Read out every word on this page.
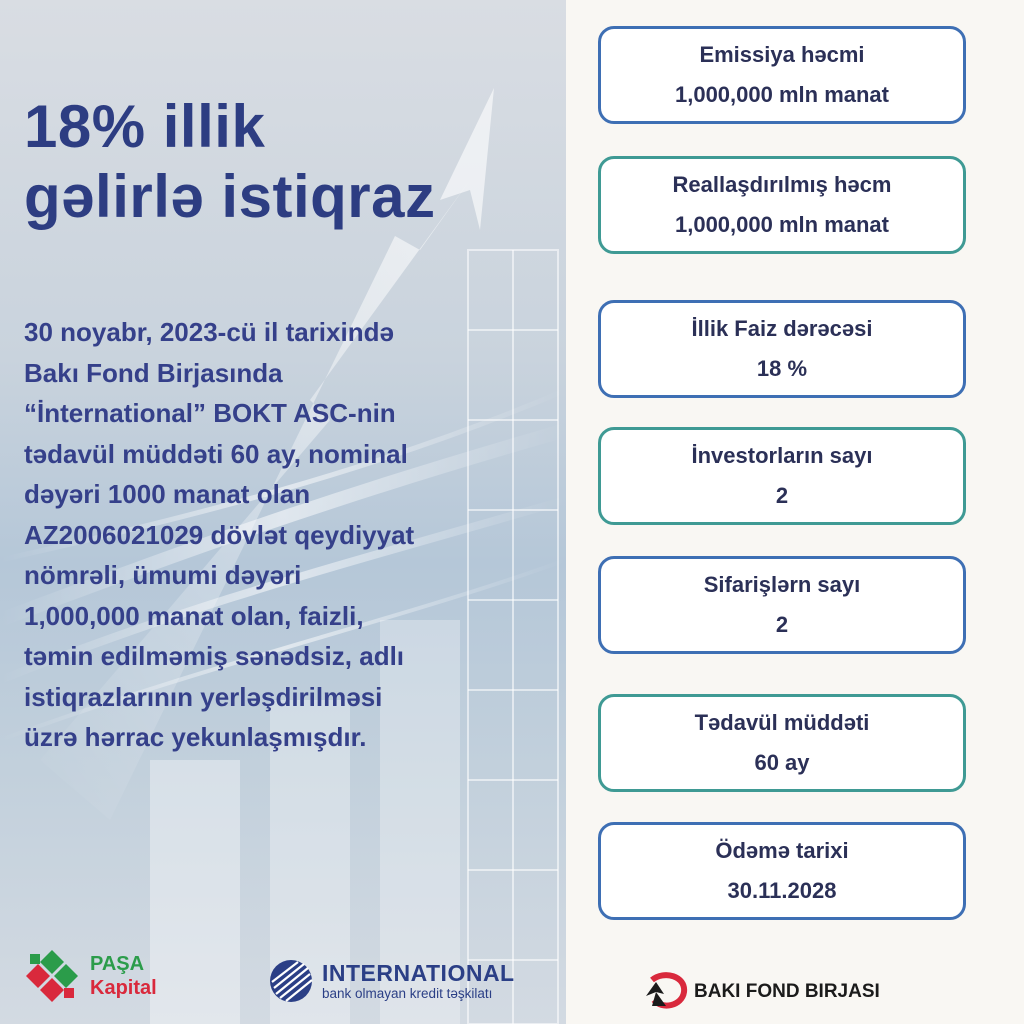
18% illik
gəlirlə istiqraz

30 noyabr, 2023-cü il tarixində
Bakı Fond Birjasında
“İnternational” BOKT ASC-nin
tədavül müddəti 60 ay, nominal
dəyəri 1000 manat olan
AZ2006021029 dövlət qeydiyyat
nömrəli, ümumi dəyəri
1,000,000 manat olan, faizli,
təmin edilməmiş sənədsiz, adlı
istiqrazlarının yerləşdirilməsi
üzrə hərrac yekunlaşmışdır.

PAŞA
Kapital
INTERNATIONAL
bank olmayan kredit təşkilatı
Emissiya həcmi
1,000,000 mln manat
Reallaşdırılmış həcm
1,000,000 mln manat
İllik Faiz dərəcəsi
18 %
İnvestorların sayı
2
Sifarişlərn sayı
2
Tədavül müddəti
60 ay
Ödəmə tarixi
30.11.2028
BAKI FOND BIRJASI
